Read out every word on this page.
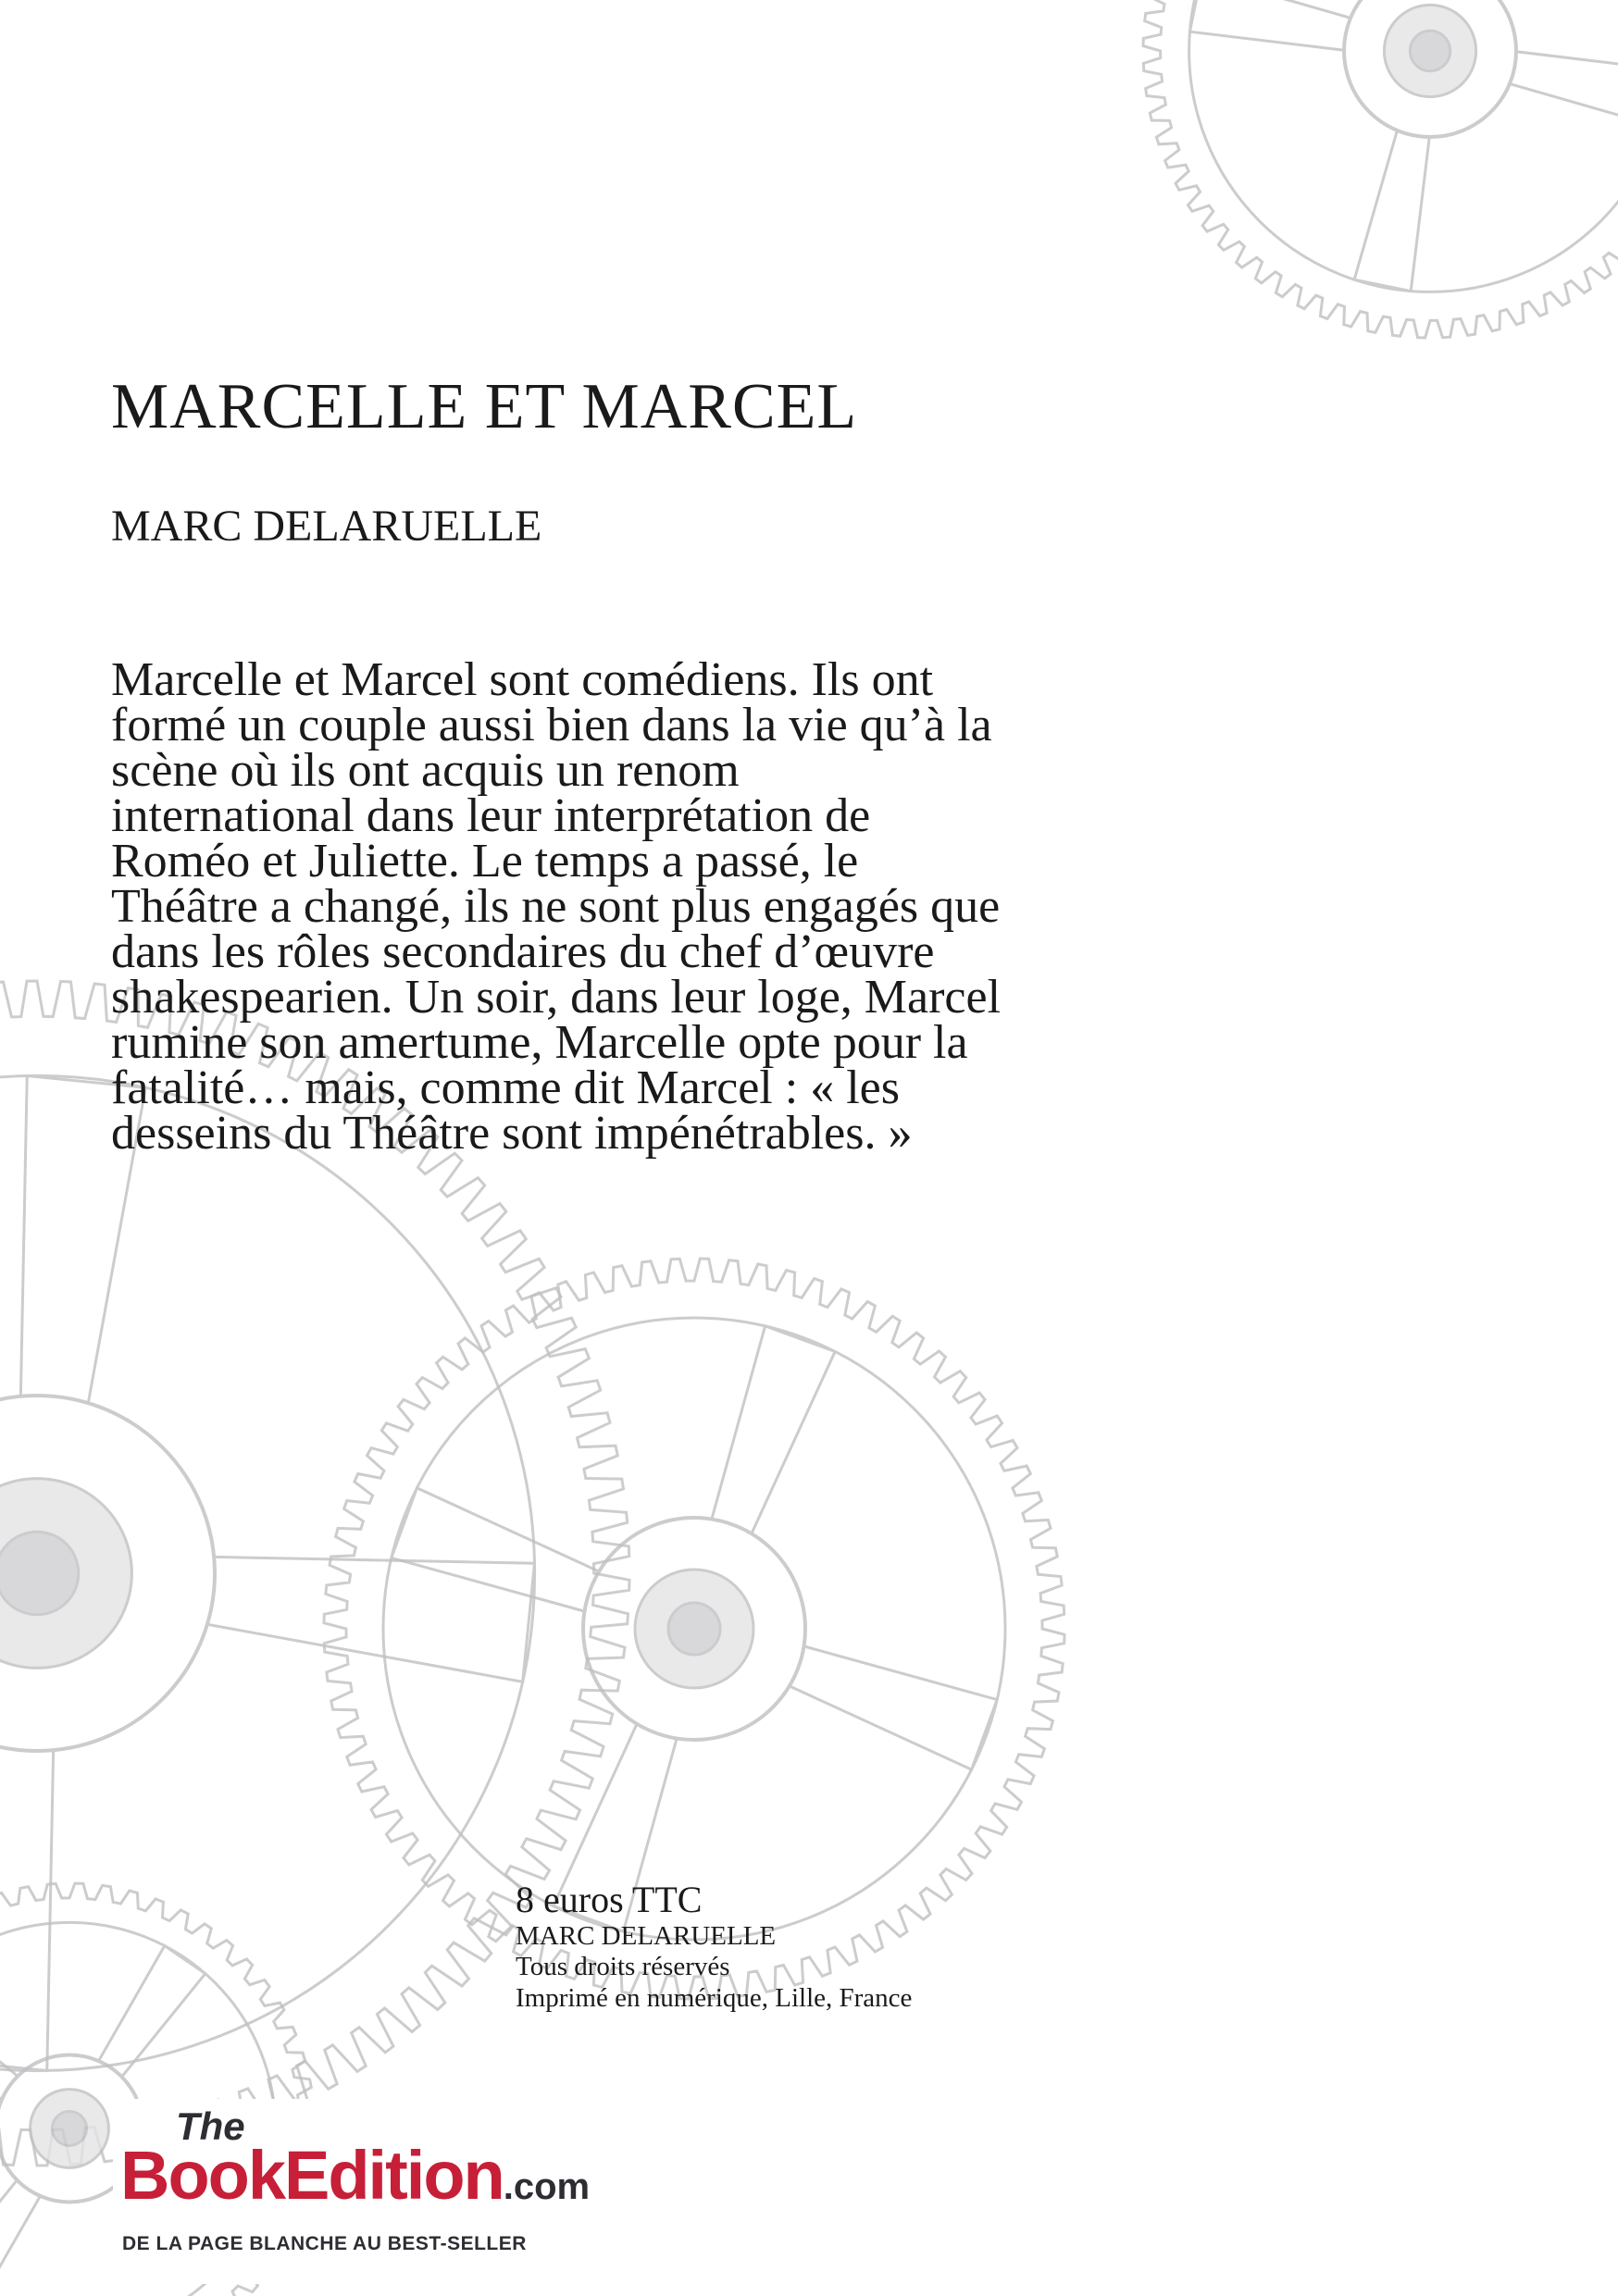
MARCELLE ET MARCEL
MARC DELARUELLE

Marcelle et Marcel sont comédiens. Ils ont

formé un couple aussi bien dans la vie qu’à la

scène où ils ont acquis un renom

international dans leur interprétation de

Roméo et Juliette. Le temps a passé, le

Théâtre a changé, ils ne sont plus engagés que

dans les rôles secondaires du chef d’œuvre

shakespearien. Un soir, dans leur loge, Marcel

rumine son amertume, Marcelle opte pour la

fatalité… mais, comme dit Marcel : « les

desseins du Théâtre sont impénétrables. »

8 euros TTC
MARC DELARUELLE
Tous droits réservés
Imprimé en numérique, Lille, France
The
BookEdition.com
DE LA PAGE BLANCHE AU BEST-SELLER
